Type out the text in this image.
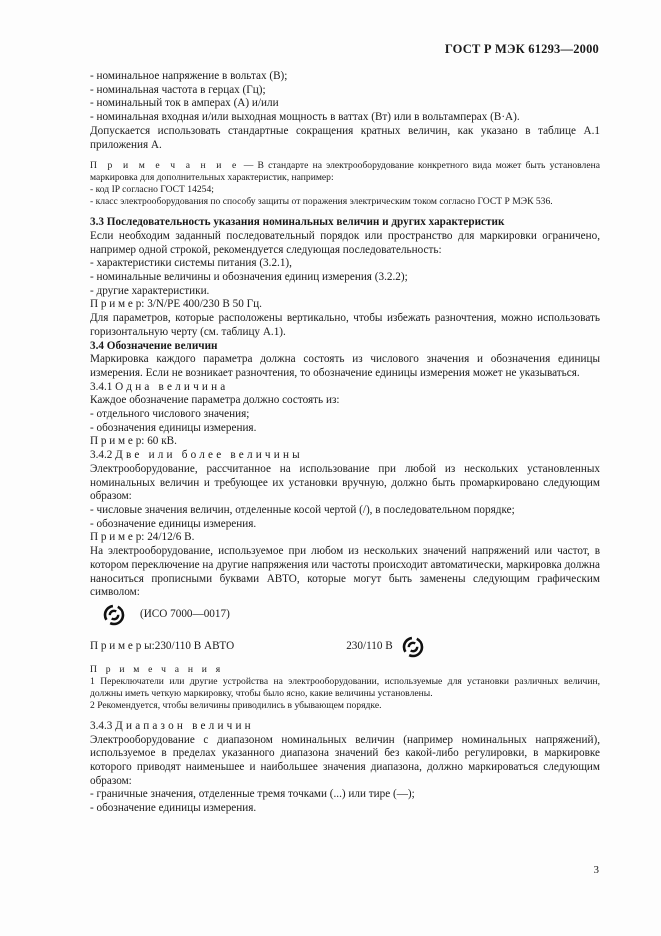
ГОСТ Р МЭК 61293—2000

- номинальное напряжение в вольтах (В);

- номинальная частота в герцах (Гц);

- номинальный ток в амперах (А) и/или

- номинальная входная и/или выходная мощность в ваттах (Вт) или в вольтамперах (В·А).

Допускается использовать стандартные сокращения кратных величин, как указано в таблице А.1 приложения А.

П р и м е ч а н и е — В стандарте на электрооборудование конкретного вида может быть установлена маркировка для дополнительных характеристик, например:

- код IP согласно ГОСТ 14254;

- класс электрооборудования по способу защиты от поражения электрическим током согласно ГОСТ Р МЭК 536.

3.3 Последовательность указания номинальных величин и других характеристик

Если необходим заданный последовательный порядок или пространство для маркировки ограничено, например одной строкой, рекомендуется следующая последовательность:

- характеристики системы питания (3.2.1),

- номинальные величины и обозначения единиц измерения (3.2.2);

- другие характеристики.

П р и м е р: 3/N/PE 400/230 В 50 Гц.

Для параметров, которые расположены вертикально, чтобы избежать разночтения, можно использовать горизонтальную черту (см. таблицу А.1).

3.4 Обозначение величин

Маркировка каждого параметра должна состоять из числового значения и обозначения единицы измерения. Если не возникает разночтения, то обозначение единицы измерения может не указываться.

3.4.1 Одна величина

Каждое обозначение параметра должно состоять из:

- отдельного числового значения;

- обозначения единицы измерения.

П р и м е р: 60 кВ.

3.4.2 Две или более величины

Электрооборудование, рассчитанное на использование при любой из нескольких установленных номинальных величин и требующее их установки вручную, должно быть промаркировано следующим образом:

- числовые значения величин, отделенные косой чертой (/), в последовательном порядке;

- обозначение единицы измерения.

П р и м е р: 24/12/6 В.

На электрооборудование, используемое при любом из нескольких значений напряжений или частот, в котором переключение на другие напряжения или частоты происходит автоматически, маркировка должна наноситься прописными буквами АВТО, которые могут быть заменены следующим графическим символом:

(ИСО 7000—0017)
П р и м е р ы: 230/110 В АВТО	230/110 В

П р и м е ч а н и я

1 Переключатели или другие устройства на электрооборудовании, используемые для установки различных величин, должны иметь четкую маркировку, чтобы было ясно, какие величины установлены.

2 Рекомендуется, чтобы величины приводились в убывающем порядке.

3.4.3 Диапазон величин

Электрооборудование с диапазоном номинальных величин (например номинальных напряжений), используемое в пределах указанного диапазона значений без какой-либо регулировки, в маркировке которого приводят наименьшее и наибольшее значения диапазона, должно маркироваться следующим образом:

- граничные значения, отделенные тремя точками (...) или тире (—);

- обозначение единицы измерения.

3
